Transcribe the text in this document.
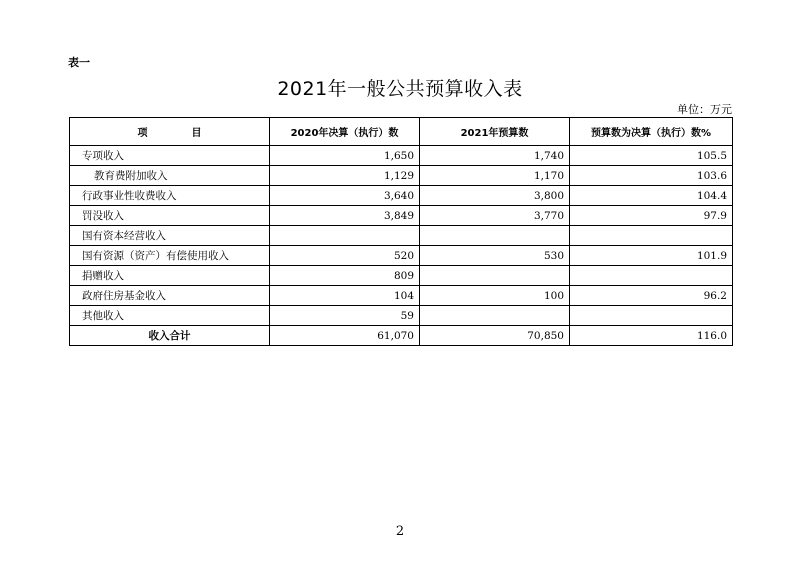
表一
2021年一般公共预算收入表
单位：万元
项 目	2020年决算（执行）数	2021年预算数	预算数为决算（执行）数%
专项收入	1,650	1,740	105.5
教育费附加收入	1,129	1,170	103.6
行政事业性收费收入	3,640	3,800	104.4
罚没收入	3,849	3,770	97.9
国有资本经营收入			
国有资源（资产）有偿使用收入	520	530	101.9
捐赠收入	809		
政府住房基金收入	104	100	96.2
其他收入	59		
收入合计	61,070	70,850	116.0
2
